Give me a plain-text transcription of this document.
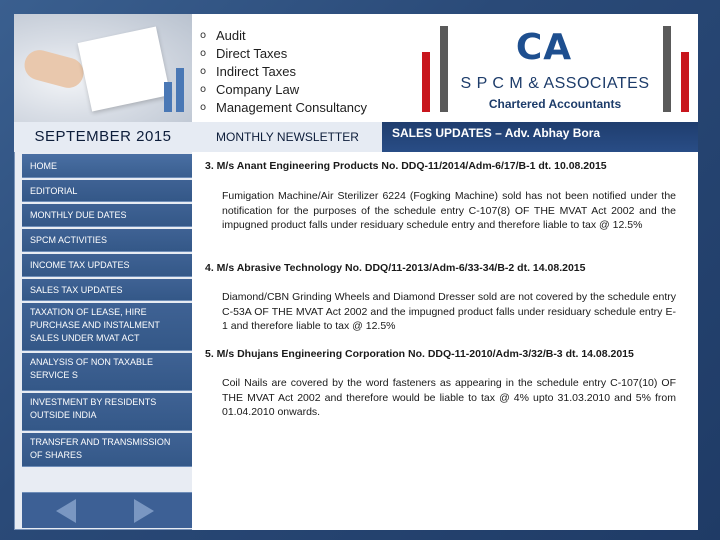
o Audit
o Direct Taxes
o Indirect Taxes
o Company Law
o Management Consultancy
CA
S P C M & ASSOCIATES
Chartered Accountants
SEPTEMBER 2015	MONTHLY NEWSLETTER	SALES UPDATES – Adv. Abhay Bora
HOME
EDITORIAL
MONTHLY DUE DATES
SPCM ACTIVITIES
INCOME TAX UPDATES
SALES TAX UPDATES
TAXATION OF LEASE, HIRE PURCHASE AND INSTALMENT SALES UNDER MVAT ACT
ANALYSIS OF NON TAXABLE SERVICE S
INVESTMENT BY RESIDENTS OUTSIDE INDIA
TRANSFER AND TRANSMISSION OF SHARES
3. M/s Anant Engineering Products No. DDQ-11/2014/Adm-6/17/B-1 dt. 10.08.2015
Fumigation Machine/Air Sterilizer 6224 (Fogking Machine) sold has not been notified under the notification for the purposes of the schedule entry C-107(8) OF THE MVAT Act 2002 and the impugned product falls under residuary schedule entry and therefore liable to tax @ 12.5%
4. M/s Abrasive Technology No. DDQ/11-2013/Adm-6/33-34/B-2 dt. 14.08.2015
Diamond/CBN Grinding Wheels and Diamond Dresser sold are not covered by the schedule entry C-53A OF THE MVAT Act 2002 and the impugned product falls under residuary schedule entry E-1 and therefore liable to tax @ 12.5%
5. M/s Dhujans Engineering Corporation No. DDQ-11-2010/Adm-3/32/B-3 dt. 14.08.2015
Coil Nails are covered by the word fasteners as appearing in the schedule entry C-107(10) OF THE MVAT Act 2002 and therefore would be liable to tax @ 4% upto 31.03.2010 and 5% from 01.04.2010 onwards.
